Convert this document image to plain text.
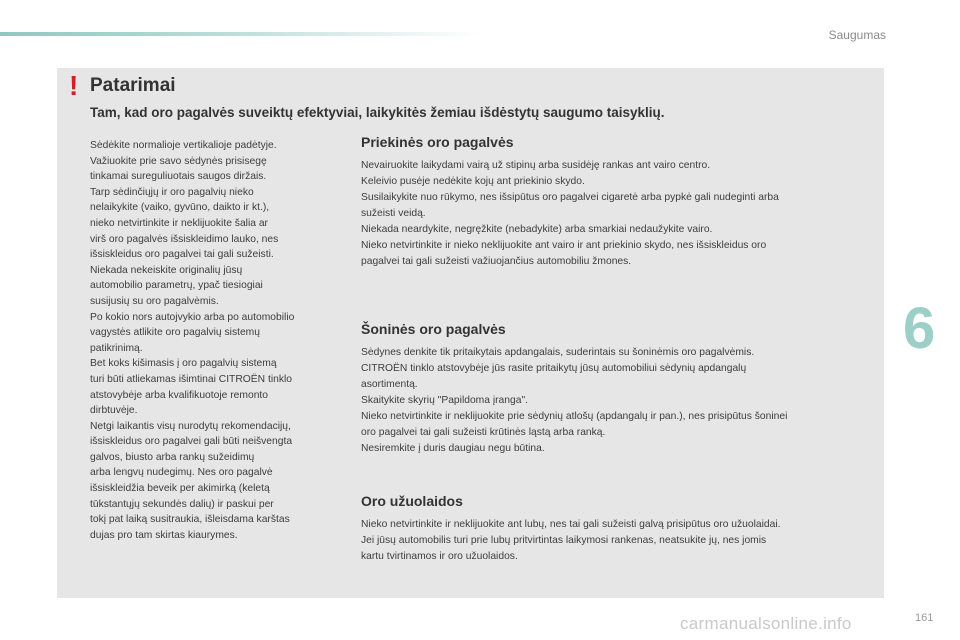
Saugumas
6
! Patarimai
Tam, kad oro pagalvės suveiktų efektyviai, laikykitės žemiau išdėstytų saugumo taisyklių.

Sėdėkite normalioje vertikalioje padėtyje.
Važiuokite prie savo sėdynės prisisegę
tinkamai sureguliuotais saugos diržais.
Tarp sėdinčiųjų ir oro pagalvių nieko
nelaikykite (vaiko, gyvūno, daikto ir kt.),
nieko netvirtinkite ir neklijuokite šalia ar
virš oro pagalvės išsiskleidimo lauko, nes
išsiskleidus oro pagalvei tai gali sužeisti.
Niekada nekeiskite originalių jūsų
automobilio parametrų, ypač tiesiogiai
susijusių su oro pagalvėmis.
Po kokio nors autojvykio arba po automobilio
vagystės atlikite oro pagalvių sistemų
patikrinimą.
Bet koks kišimasis į oro pagalvių sistemą
turi būti atliekamas išimtinai CITROËN tinklo
atstovybėje arba kvalifikuotoje remonto
dirbtuvėje.
Netgi laikantis visų nurodytų rekomendacijų,
išsiskleidus oro pagalvei gali būti neišvengta
galvos, biusto arba rankų sužeidimų
arba lengvų nudegimų. Nes oro pagalvė
išsiskleidžia beveik per akimirką (keletą
tūkstantųjų sekundės dalių) ir paskui per
tokį pat laiką susitraukia, išleisdama karštas
dujas pro tam skirtas kiaurymes.

Priekinės oro pagalvės

Nevairuokite laikydami vairą už stipinų arba susidėję rankas ant vairo centro.
Keleivio pusėje nedėkite kojų ant priekinio skydo.
Susilaikykite nuo rūkymo, nes išsipūtus oro pagalvei cigaretė arba pypkė gali nudeginti arba
sužeisti veidą.
Niekada neardykite, negręžkite (nebadykite) arba smarkiai nedaužykite vairo.
Nieko netvirtinkite ir nieko neklijuokite ant vairo ir ant priekinio skydo, nes išsiskleidus oro
pagalvei tai gali sužeisti važiuojančius automobiliu žmones.

Šoninės oro pagalvės

Sėdynes denkite tik pritaikytais apdangalais, suderintais su šoninėmis oro pagalvėmis.
CITROËN tinklo atstovybėje jūs rasite pritaikytų jūsų automobiliui sėdynių apdangalų
asortimentą.
Skaitykite skyrių "Papildoma įranga".
Nieko netvirtinkite ir neklijuokite prie sėdynių atlošų (apdangalų ir pan.), nes prisipūtus šoninei
oro pagalvei tai gali sužeisti krūtinės ląstą arba ranką.
Nesiremkite į duris daugiau negu būtina.

Oro užuolaidos

Nieko netvirtinkite ir neklijuokite ant lubų, nes tai gali sužeisti galvą prisipūtus oro užuolaidai.
Jei jūsų automobilis turi prie lubų pritvirtintas laikymosi rankenas, neatsukite jų, nes jomis
kartu tvirtinamos ir oro užuolaidos.

carmanualsonline.info	161
